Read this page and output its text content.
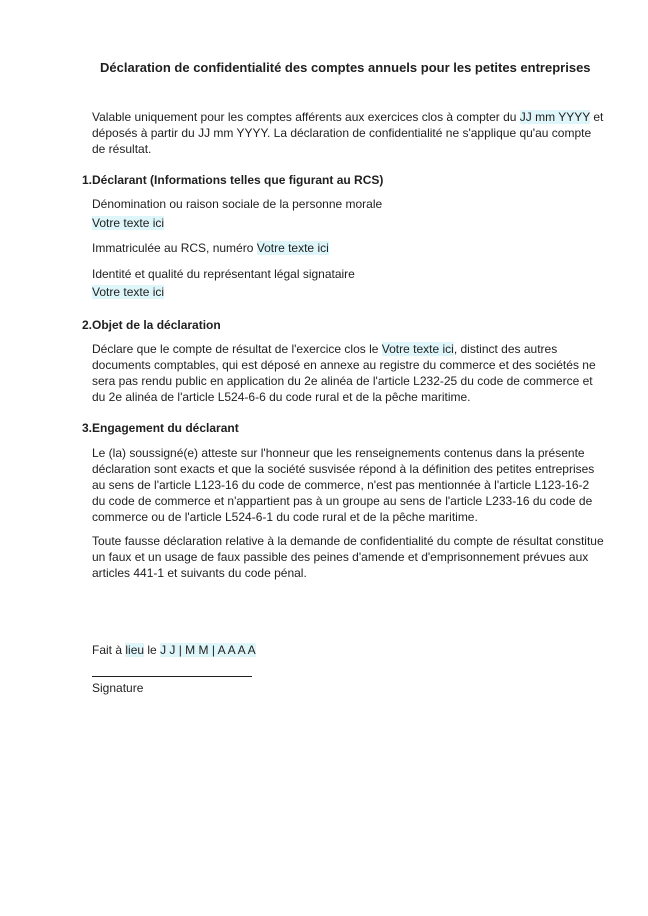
Déclaration de confidentialité des comptes annuels pour les petites entreprises
Valable uniquement pour les comptes afférents aux exercices clos à compter du JJ mm YYYY et déposés à partir du JJ mm YYYY. La déclaration de confidentialité ne s'applique qu'au compte de résultat.
1.Déclarant (Informations telles que figurant au RCS)
Dénomination ou raison sociale de la personne morale
Votre texte ici
Immatriculée au RCS, numéro Votre texte ici
Identité et qualité du représentant légal signataire
Votre texte ici
2.Objet de la déclaration
Déclare que le compte de résultat de l'exercice clos le Votre texte ici, distinct des autres documents comptables, qui est déposé en annexe au registre du commerce et des sociétés ne sera pas rendu public en application du 2e alinéa de l'article L232-25 du code de commerce et du 2e alinéa de l'article L524-6-6 du code rural et de la pêche maritime.
3.Engagement du déclarant
Le (la) soussigné(e) atteste sur l'honneur que les renseignements contenus dans la présente déclaration sont exacts et que la société susvisée répond à la définition des petites entreprises au sens de l'article L123-16 du code de commerce, n'est pas mentionnée à l'article L123-16-2 du code de commerce et n'appartient pas à un groupe au sens de l'article L233-16 du code de commerce ou de l'article L524-6-1 du code rural et de la pêche maritime.
Toute fausse déclaration relative à la demande de confidentialité du compte de résultat constitue un faux et un usage de faux passible des peines d'amende et d'emprisonnement prévues aux articles 441-1 et suivants du code pénal.
Fait à lieu le J J | M M | A A A A
Signature
